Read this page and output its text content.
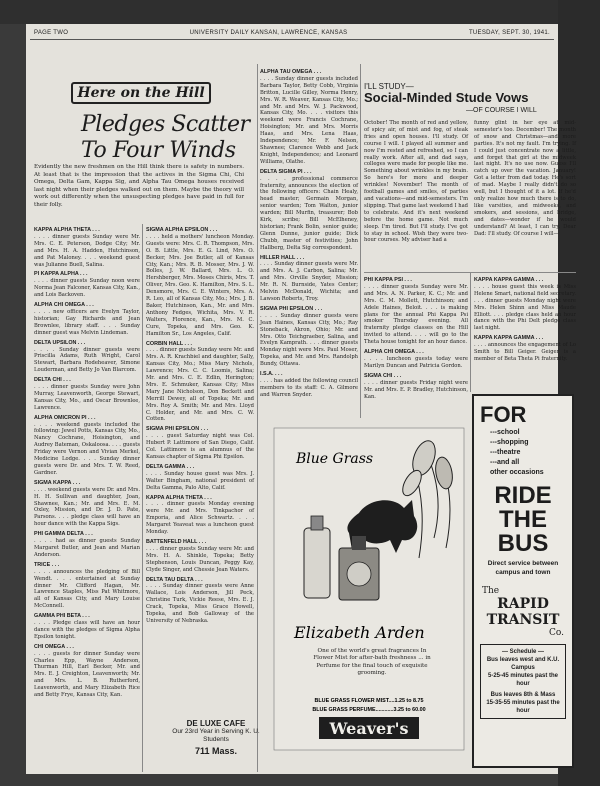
PAGE TWO	UNIVERSITY DAILY KANSAN, LAWRENCE, KANSAS	TUESDAY, SEPT. 30, 1941.
Here on the Hill
Pledges Scatter
To Four Winds
Evidently the new freshmen on the Hill think there is safety in numbers. At least that is the impression that the actives in the Sigma Chi, Chi Omega, Delta Gam, Kappa Sig, and Alpha Tau Omega houses received last night when their pledges walked out on them. Maybe the theory will work out differently when the unsuspecting pledges have paid in full for their folly.
KAPPA ALPHA THETA . . .

. . . . dinner guests Sunday were Mr. Mrs. C. E. Peterson, Dodge City; Mr. and Mrs. H. A. Hadden, Hutchinson, and Pat Maloney. . . . weekend guest was Julianne Buell, Salina.

PI KAPPA ALPHA . . .

. . . . dinner guests Sunday noon were Norma Jean Falconer, Kansas City, Kan., and Lois Backoven.

ALPHA CHI OMEGA . . .

. . . . new officers are Evelyn Taylor, historian; Gay Richards and Jean Brownlee, library staff. . . . Sunday dinner guest was Melvin Lindeman.

DELTA UPSILON . . .

. . . . Sunday dinner guests were Priscilla Adams, Ruth Wright, Carol Stewart, Barbara Rodeheaver, Simone Louderman, and Betty Jo Van Blarcom.

DELTA CHI . . .

. . . . dinner guests Sunday were John Murray, Leavenworth, George Stewart, Kansas City, Mo., and Oscar Brownlee, Lawrence.

ALPHA OMICRON PI . . .

. . . . weekend guests included the following: Jewel Potts, Kansas City, Mo., Nancy Cochrane, Hoisington, and Audrey Bateman, Oskaloosa. . . . guests Friday were Vernon and Vivian Merkel, Medicine Lodge. . . . Sunday dinner guests were Dr. and Mrs. T. W. Reed, Gardner.

SIGMA KAPPA . . .

. . . . weekend guests were Dr. and Mrs. H. H. Sullivan and daughter, Joan, Shawnee, Kan.; Mr. and Mrs. E. M. Oxley, Mission, and Dr. J. D. Pate, Parsons. . . . pledge class will have an hour dance with the Kappa Sigs.

PHI GAMMA DELTA . . .

. . . . had as dinner guests Sunday Margaret Butler, and Jean and Marian Anderson.

TRICE . . .

. . . . announces the pledging of Bill Wendt. . . . entertained at Sunday dinner Mr. Clifford Hagan, Mr. Lawrence Staples, Miss Pat Whitmore, all of Kansas City, and Mary Louise McConnell.

GAMMA PHI BETA . . .

. . . . Pledge class will have an hour dance with the pledges of Sigma Alpha Epsilon tonight.

CHI OMEGA . . .

. . . . guests for dinner Sunday were Charles Epp, Wayne Anderson, Thurman Hill, Earl Becker, Mr. and Mrs. E. J. Creighton, Leavenworth; Mr. and Mrs. L. B. Rutherford, Leavenworth, and Mary Elizabeth Rice and Betty Frye, Kansas City, Kan.

SIGMA ALPHA EPSILON . . .

. . . . held a mothers' luncheon Monday. Guests were: Mrs. C. R. Thompson, Mrs. O. B. Little, Mrs. E. G. Lind, Mrs. O. Becker, Mrs. Joe Butler, all of Kansas City, Kan.; Mrs. R. B. Mosser, Mrs. J. W. Bolles, J. W. Ballard, Mrs. L. O. Hershberger, Mrs. Moses Chiris, Mrs. T. Oliver, Mrs. Geo. K. Hamilton, Mrs. S. L. Densmore, Mrs. C. E. Winters, Mrs. A. R. Leo, all of Kansas City, Mo.; Mrs. J. B. Baker, Hutchinson, Kan., Mr. and Mrs. Anthony Fedges, Wichita, Mrs. V. R. Walters, Florence, Kan., Mrs. M. C. Cure, Topeka, and Mrs. Geo. K. Hamilton Sr., Los Angeles, Calif.

CORBIN HALL . . .

. . . . dinner guests Sunday were Mr. and Mrs. A. R. Krachbiel and daughter, Sally, Kansas City, Mo.; Miss Mary Nichols, Lawrence; Mrs. C. C. Loomis, Salina; Mr. and Mrs. C. E. Edlin, Herington; Mrs. E. Schmuker, Kansas City; Miss Mary Jane Nicholson, Don Beckett and Merrill Dewey, all of Topeka; Mr. and Mrs. Roy A. Smith; Mr. and Mrs. Lloyd C. Holder, and Mr. and Mrs. C. W. Cotten.

SIGMA PHI EPSILON . . .

. . . . guest Saturday night was Col. Hubert P. Lattimore of San Diego, Calif. Col. Lattimore is an alumnus of the Kansas chapter of Sigma Phi Epsilon.

DELTA GAMMA . . .

. . . . Sunday house guest was Mrs. J. Walter Bingham, national president of Delta Gamma, Palo Alto, Calif.

KAPPA ALPHA THETA . . .

. . . . dinner guests Monday evening were Mr. and Mrs. Tinkpachor of Emporia, and Alice Schwartz. . . . Margaret Yeaveat was a luncheon guest Monday.

BATTENFELD HALL . . .

. . . . dinner guests Sunday were Mr. and Mrs. H. A. Shinkle, Topeka; Betty Stephenson, Louis Duncan, Peggy Kay, Clyde Singer, and Chessie Jean Waters.

DELTA TAU DELTA . . .

. . . . Sunday dinner guests were Anne Wallace, Lois Anderson, Jill Peck, Christine Turk, Vickie Reese, Mrs. E. J. Crack, Topeka, Miss Grace Howell, Topeka, and Bob Galloway of the University of Nebraska.

ALPHA TAU OMEGA . . .

. . . . Sunday dinner guests included Barbara Taylor, Betty Cobb, Virginia Britton, Lucille Gilley, Norma Henry, Mrs. W. R. Weaver, Kansas City, Mo.; and Mr. and Mrs. W. J. Packwood, Kansas City, Mo. . . . visitors this weekend were Francis Cochrane, Hoisington; Mr. and Mrs. Morris Haas, and Mrs. Lena Haas, Independence; Mr. F. Nelson, Shawnee; Clarence Webb and Jack Knight, Independence; and Leonard Williams, Olathe.

DELTA SIGMA PI . . .

. . . . professional commerce fraternity, announces the election of the following officers: Chain Healy, head master; Germain Morgan, senior warden; Tom Walton, junior warden; Bill Murfin, treasurer; Bob Kirk, scribe; Bill McElheney, historian; Frank Bolin, senior guide; Glenn Dunne, junior guide; Dick Chubb, master of festivities; John Hallberg, Delta Sig correspondent.

HILLER HALL . . .

. . . . Sunday dinner guests were Mr. and Mrs. A. J. Carbon, Salina; Mr. and Mrs. Orville Snyder, Mission; Mr. R. N. Burnside, Yates Center; Melvin McDonald, Wichita; and Lawson Roberts, Troy.

SIGMA PHI EPSILON . . .

. . . . Sunday dinner guests were Jean Haines, Kansas City, Mo.; Ray Stoneback, Akron, Ohio; Mr. and Mrs. Otto Teichgraeber, Salina, and Evelyn Kamprath. . . . dinner guests Monday night were Mrs. Paul Moser, Topeka, and Mr. and Mrs. Randolph Bundy, Ottawa.

I.S.A. . . .

. . . . has added the following council members to its staff: C. A. Gilmore and Warren Snyder.

I'LL STUDY—
Social-Minded Stude Vows
—OF COURSE I WILL
October! The month of red and yellow, of spicy air, of mist and fog, of steak fries and open houses. I'll study. Of course I will. I played all summer and now I'm rested and refreshed, so I can really work. After all, and dad says, colleges were made for people like me. Something about wrinkles in my brain. So here's for more and deeper wrinkles! November! The month of football games and smiles, of parties and vacations—and mid-semesters. I'm slipping. That game last weekend I had to celebrate. And it's next weekend before the home game. Not much sleep. I'm tired. But I'll study. I've got to stay in school. Wish they were two-hour courses. My adviser had a
funny glint in her eye at mid-semester's too. December! The month of snow and Christmas—and more parties. It's not my fault. I'm trying. If I could just concentrate now a little, and forget that girl at the midweek last night. It's no use now. Guess I'll catch up over the vacation. January! Got a letter from dad today. He's sort of mad. Maybe I really didn't do so well, but I thought of it a lot. If he'd only realize how much there is to do, like varsities, and midweeks, and smokers, and sessions, and bridge, and dates—wonder if he would understand? At least, I can try. Dear Dad: I'll study. Of course I will—
PHI KAPPA PSI . . .

. . . . dinner guests Sunday were Mr. and Mrs. A. N. Parker, K. C.; Mr. and Mrs. C. M. Mollett, Hutchinson; and Adele Haines, Beloit. . . . is making plans for the annual Phi Kappa Psi smoker Thursday evening. All fraternity pledge classes on the Hill invited to attend. . . . will go to the Theta house tonight for an hour dance.

ALPHA CHI OMEGA . . .

. . . . luncheon guests today were Marilyn Duncan and Patricia Gordon.

SIGMA CHI . . .

. . . . dinner guests Friday night were Mr. and Mrs. E. P. Bradley, Hutchinson, Kan.

KAPPA KAPPA GAMMA . . .

. . . . house guest this week is Miss Helene Smart, national field secretary. . . . dinner guests Monday night were Mrs. Helen Shinn and Miss Maude Elliott. . . . pledge class held an hour dance with the Phi Delt pledge class last night.

KAPPA KAPPA GAMMA . . .

. . . . announces the engagement of Lo Smith to Bill Geiger. Geiger is a member of Beta Theta Pi fraternity.

Blue Grass
Elizabeth Arden
One of the world's great fragrances In Flower Mist for after-bath freshness ... in Perfume for the final touch of exquisite grooming.
BLUE GRASS FLOWER MIST....1.25 to 8.75
BLUE GRASS PERFUME............3.25 to 60.00
Weaver's
DE LUXE CAFE
Our 23rd Year in Serving K. U. Students
711 Mass.
FOR
---school
---shopping
---theatre
---and all
other occasions
RIDE
THE
BUS
Direct service between campus and town
The
RAPID
TRANSIT
Co.
— Schedule —
Bus leaves west and K.U. Campus
5-25-45 minutes past the hour
Bus leaves 8th & Mass
15-35-55 minutes past the hour
